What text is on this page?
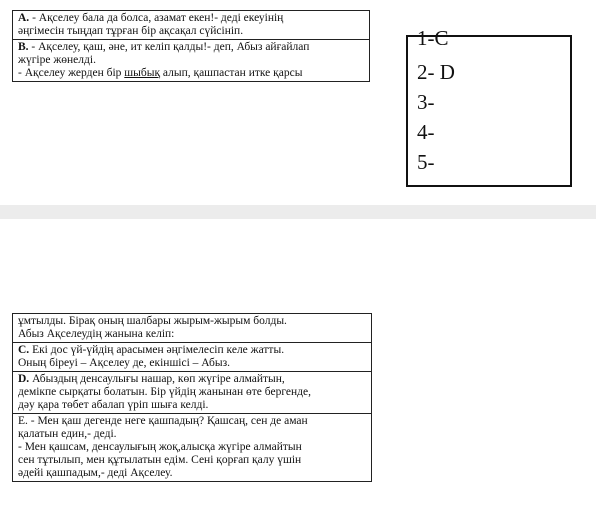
A. - Ақселеу бала да болса, азамат екен!- деді екеуінің
әңгімесін тыңдап тұрған бір ақсақал сүйсініп.
B. - Ақселеу, қаш, әне, ит келіп қалды!- деп, Абыз айғайлап
жүгіре жөнелді.
- Ақселеу жерден бір шыбық алып, қашпастан итке қарсы
1-C
2- D
3-
4-
5-
ұмтылды. Бірақ оның шалбары жырым-жырым болды.
Абыз Ақселеудің жанына келіп:
C. Екі дос үй-үйдің арасымен әңгімелесіп келе жатты.
Оның біреуі – Ақселеу де, екіншісі – Абыз.
D. Абыздың денсаулығы нашар, көп жүгіре алмайтын,
демікпе сырқаты болатын. Бір үйдің жанынан өте бергенде,
дәу қара төбет абалап үріп шыға келді.
E. - Мен қаш дегенде неге қашпадың? Қашсаң, сен де аман
қалатын един,- деді.
- Мен қашсам, денсаулығың жоқ,алысқа жүгіре алмайтын
сен тұтылып, мен құтылатын едім. Сені қорғап қалу үшін
әдейі қашпадым,- деді Ақселеу.
